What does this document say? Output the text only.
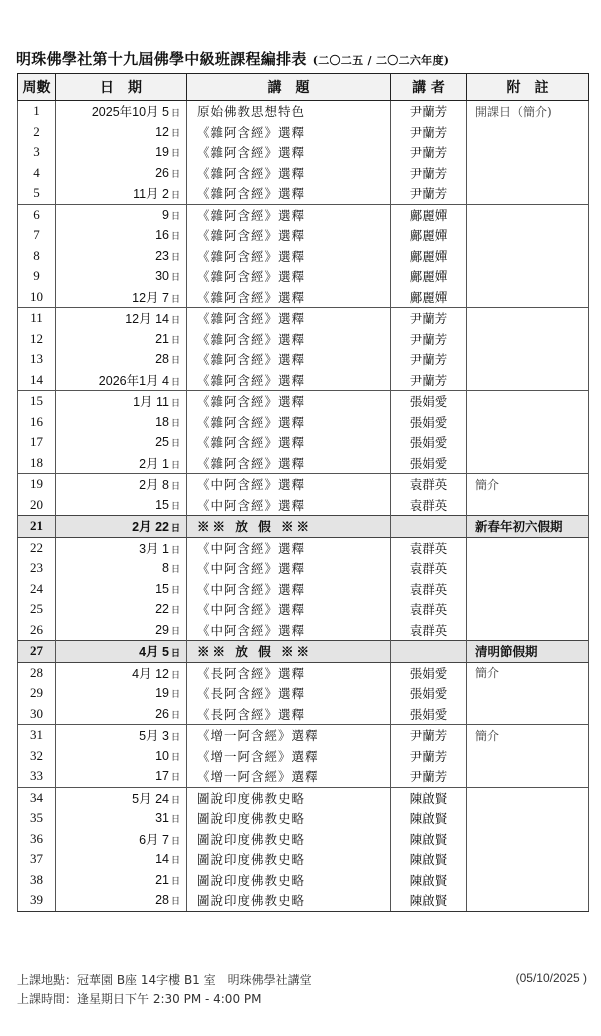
明珠佛學社第十九屆佛學中級班課程編排表 (二〇二五 / 二〇二六年度)
周數	日　期	講　題	講 者	附　註
1	2025年10月 5 日	原始佛教思想特色	尹蘭芳	開課日（簡介)
2	12 日	《雜阿含經》選釋	尹蘭芳	
3	19 日	《雜阿含經》選釋	尹蘭芳	
4	26 日	《雜阿含經》選釋	尹蘭芳	
5	11月 2 日	《雜阿含經》選釋	尹蘭芳	
6	9 日	《雜阿含經》選釋	鄺麗嬋	
7	16 日	《雜阿含經》選釋	鄺麗嬋	
8	23 日	《雜阿含經》選釋	鄺麗嬋	
9	30 日	《雜阿含經》選釋	鄺麗嬋	
10	12月 7 日	《雜阿含經》選釋	鄺麗嬋	
11	12月 14 日	《雜阿含經》選釋	尹蘭芳	
12	21 日	《雜阿含經》選釋	尹蘭芳	
13	28 日	《雜阿含經》選釋	尹蘭芳	
14	2026年1月 4 日	《雜阿含經》選釋	尹蘭芳	
15	1月 11 日	《雜阿含經》選釋	張娟愛	
16	18 日	《雜阿含經》選釋	張娟愛	
17	25 日	《雜阿含經》選釋	張娟愛	
18	2月 1 日	《雜阿含經》選釋	張娟愛	
19	2月 8 日	《中阿含經》選釋	袁群英	簡介
20	15 日	《中阿含經》選釋	袁群英	
21	2月 22 日	※※ 放 假 ※※		新春年初六假期
22	3月 1 日	《中阿含經》選釋	袁群英	
23	8 日	《中阿含經》選釋	袁群英	
24	15 日	《中阿含經》選釋	袁群英	
25	22 日	《中阿含經》選釋	袁群英	
26	29 日	《中阿含經》選釋	袁群英	
27	4月 5 日	※※ 放 假 ※※		清明節假期
28	4月 12 日	《長阿含經》選釋	張娟愛	簡介
29	19 日	《長阿含經》選釋	張娟愛	
30	26 日	《長阿含經》選釋	張娟愛	
31	5月 3 日	《增一阿含經》選釋	尹蘭芳	簡介
32	10 日	《增一阿含經》選釋	尹蘭芳	
33	17 日	《增一阿含經》選釋	尹蘭芳	
34	5月 24 日	圖說印度佛教史略	陳啟賢	
35	31 日	圖說印度佛教史略	陳啟賢	
36	6月 7 日	圖說印度佛教史略	陳啟賢	
37	14 日	圖說印度佛教史略	陳啟賢	
38	21 日	圖說印度佛教史略	陳啟賢	
39	28 日	圖說印度佛教史略	陳啟賢	
上課地點：冠華園 B座 14字樓 B1 室　明珠佛學社講堂
上課時間：逢星期日下午 2:30 PM - 4:00 PM
(05/10/2025 )
